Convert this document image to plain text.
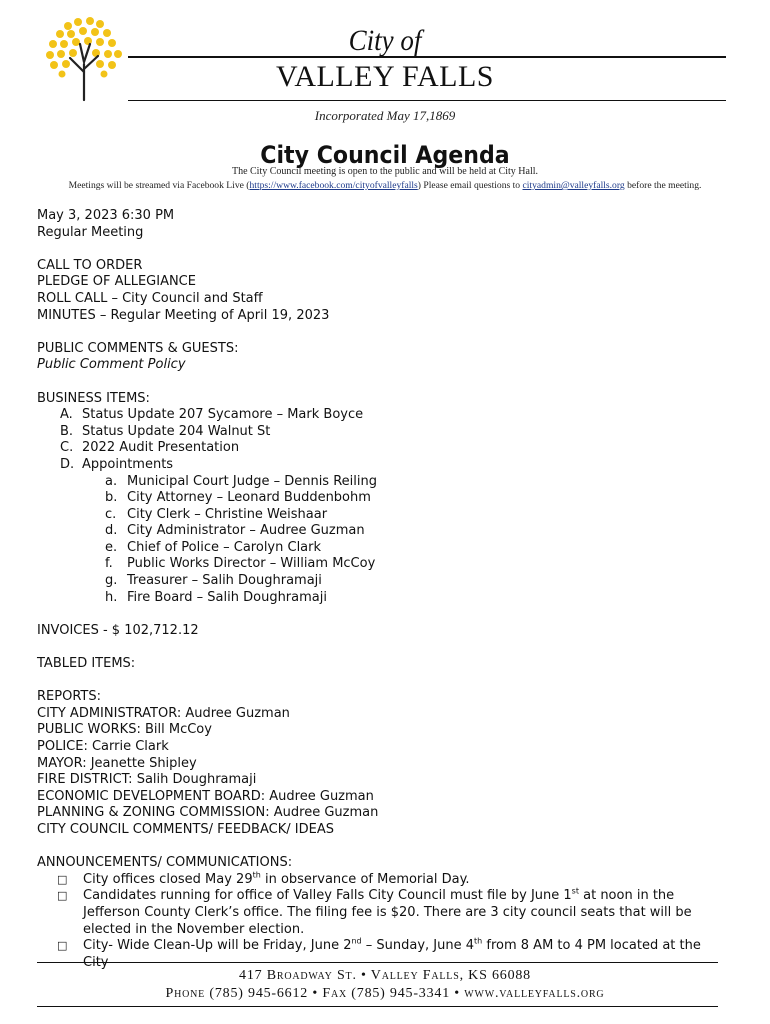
City of
VALLEY FALLS
Incorporated May 17,1869
City Council Agenda
The City Council meeting is open to the public and will be held at City Hall.
Meetings will be streamed via Facebook Live (https://www.facebook.com/cityofvalleyfalls) Please email questions to cityadmin@valleyfalls.org before the meeting.

May 3, 2023 6:30 PM

Regular Meeting

CALL TO ORDER

PLEDGE OF ALLEGIANCE

ROLL CALL – City Council and Staff

MINUTES – Regular Meeting of April 19, 2023

PUBLIC COMMENTS & GUESTS:

Public Comment Policy

BUSINESS ITEMS:

A. Status Update 207 Sycamore – Mark Boyce
B. Status Update 204 Walnut St
C. 2022 Audit Presentation
D. Appointments
a. Municipal Court Judge – Dennis Reiling
b. City Attorney – Leonard Buddenbohm
c. City Clerk – Christine Weishaar
d. City Administrator – Audree Guzman
e. Chief of Police – Carolyn Clark
f.	Public Works Director – William McCoy
g. Treasurer – Salih Doughramaji
h. Fire Board – Salih Doughramaji

INVOICES - $ 102,712.12

TABLED ITEMS:

REPORTS:

CITY ADMINISTRATOR: Audree Guzman

PUBLIC WORKS: Bill McCoy

POLICE: Carrie Clark

MAYOR: Jeanette Shipley

FIRE DISTRICT: Salih Doughramaji

ECONOMIC DEVELOPMENT BOARD: Audree Guzman

PLANNING & ZONING COMMISSION: Audree Guzman

CITY COUNCIL COMMENTS/ FEEDBACK/ IDEAS

ANNOUNCEMENTS/ COMMUNICATIONS:

□	City offices closed May 29th in observance of Memorial Day.
□	Candidates running for office of Valley Falls City Council must file by June 1st at noon in the Jefferson County Clerk’s office. The filing fee is $20. There are 3 city council seats that will be elected in the November election.
□	City- Wide Clean-Up will be Friday, June 2nd – Sunday, June 4th from 8 AM to 4 PM located at the City
417 Broadway St. • Valley Falls, KS 66088
Phone (785) 945-6612 • Fax (785) 945-3341 • www.valleyfalls.org
